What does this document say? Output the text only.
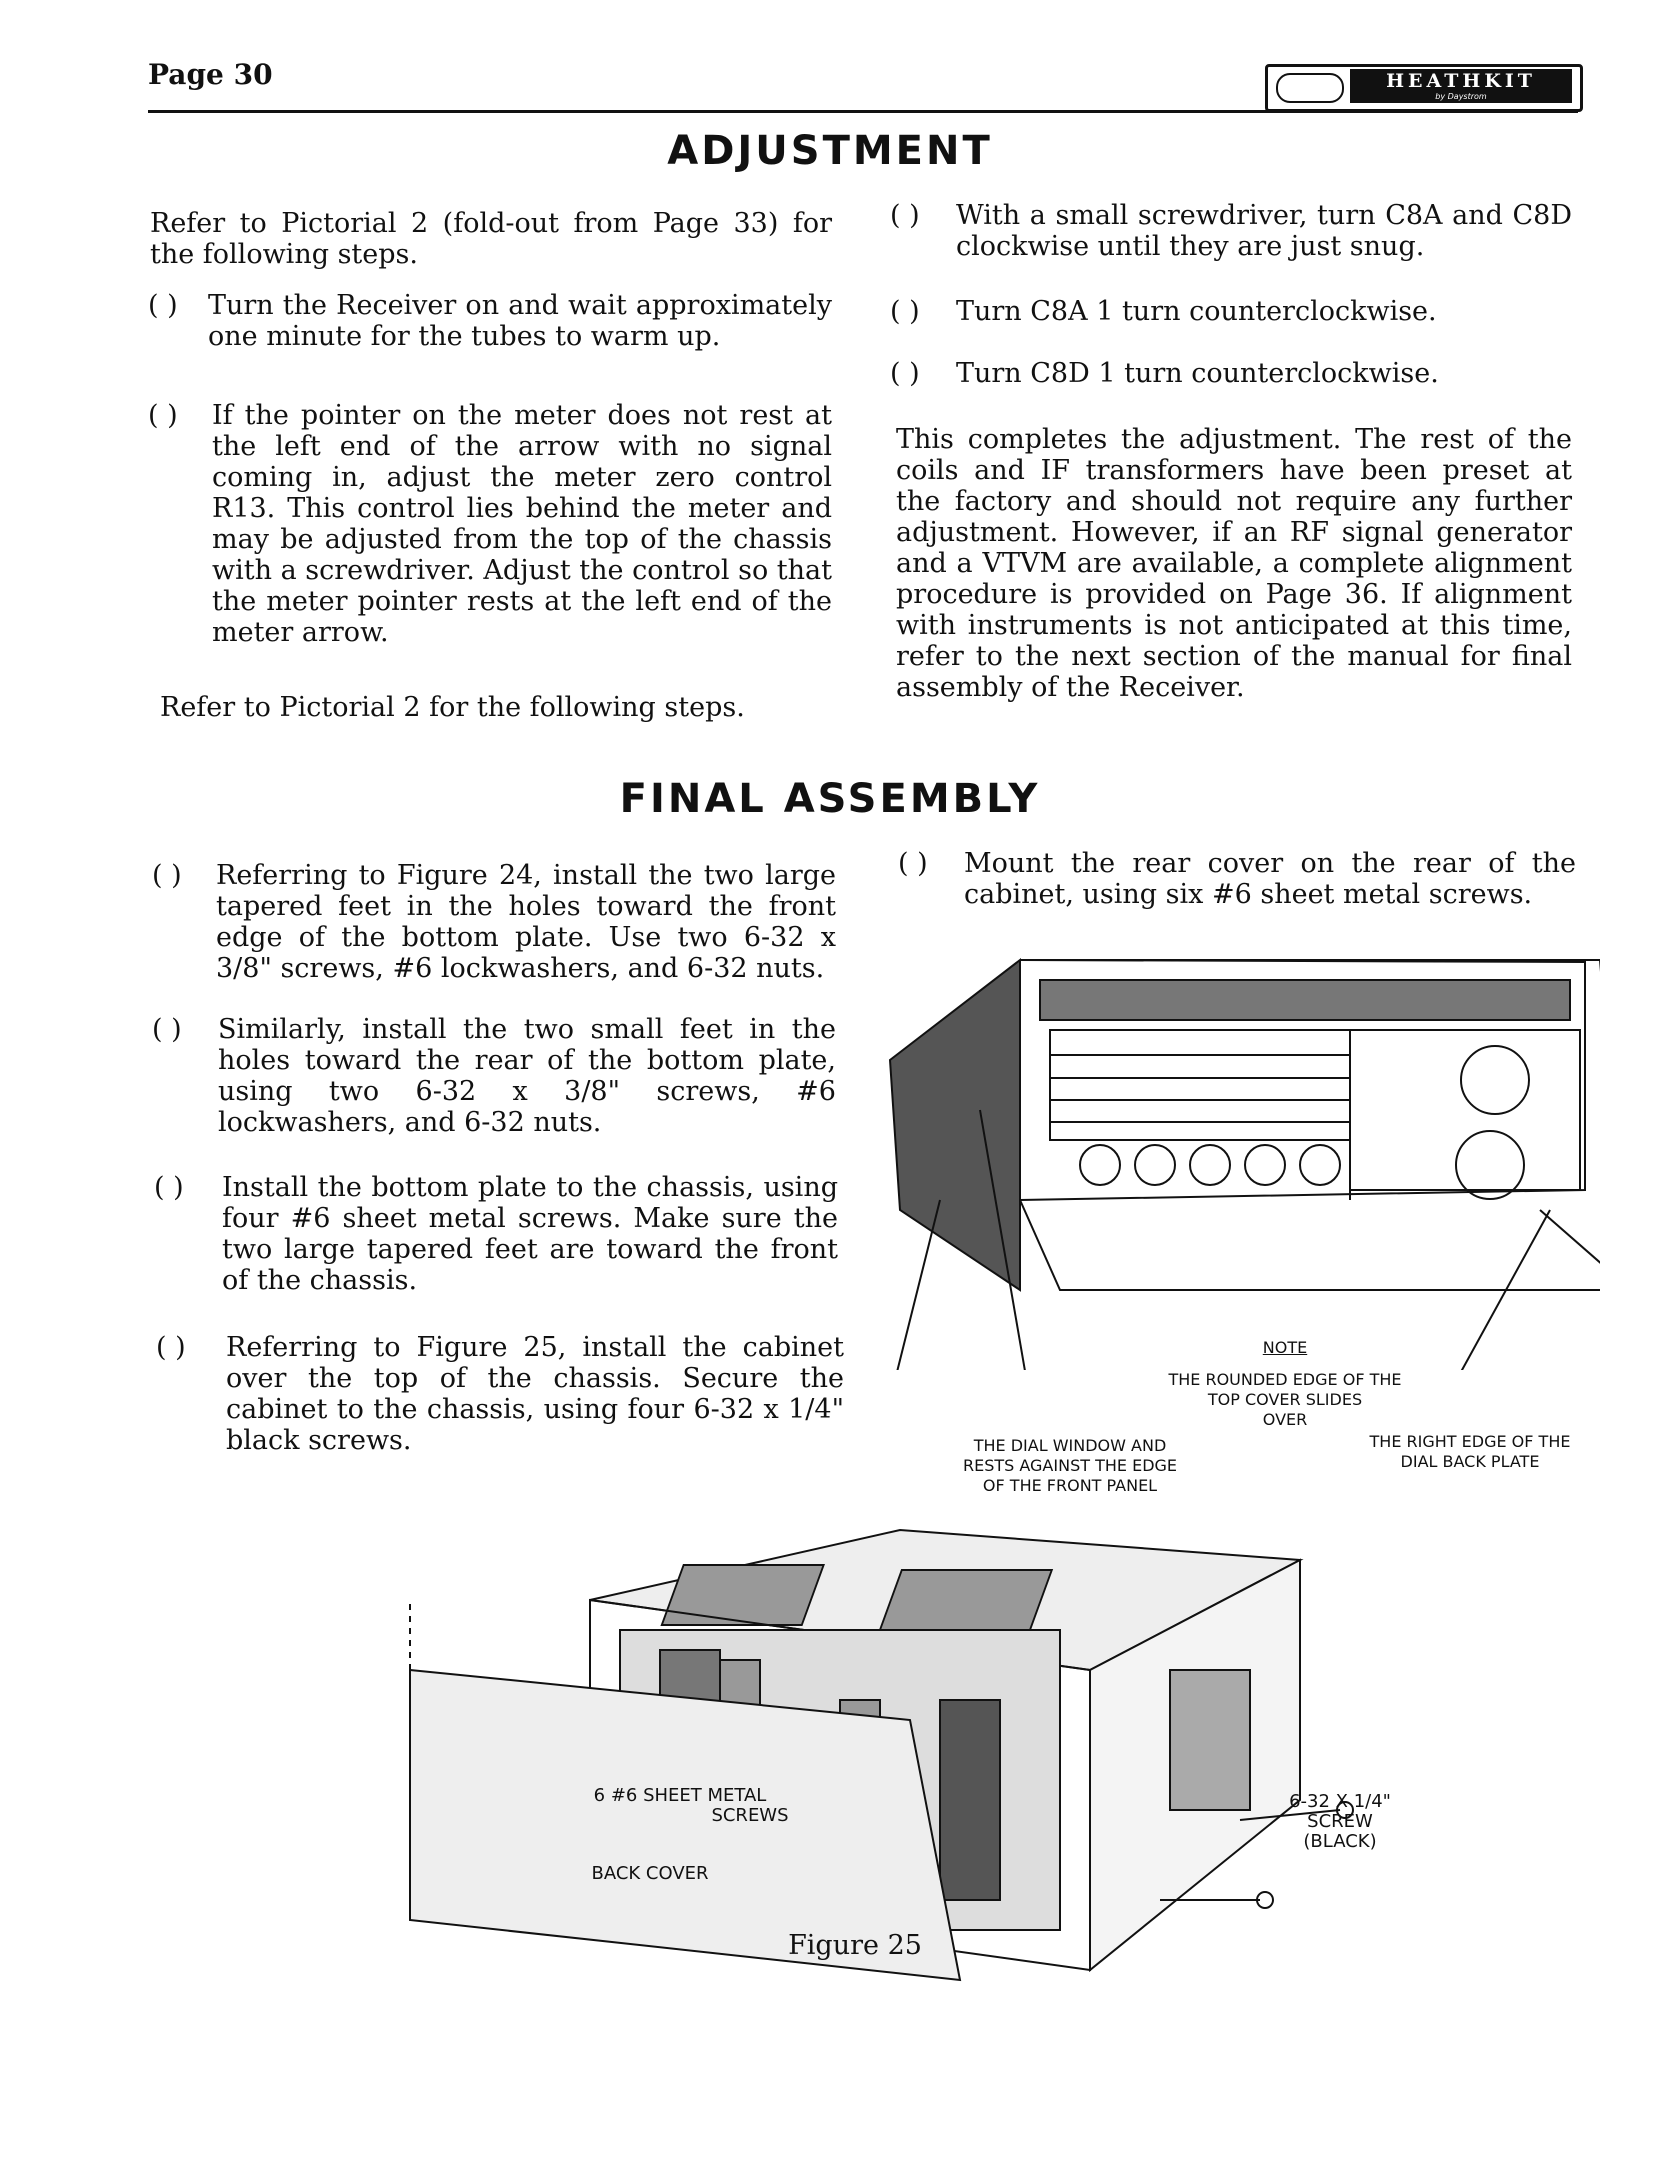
Page 30	HEATHKIT
by Daystrom
ADJUSTMENT
Refer to Pictorial 2 (fold-out from Page 33) for the following steps.
( ) Turn the Receiver on and wait approximately one minute for the tubes to warm up.
( ) If the pointer on the meter does not rest at the left end of the arrow with no signal coming in, adjust the meter zero control R13. This control lies behind the meter and may be adjusted from the top of the chassis with a screwdriver. Adjust the control so that the meter pointer rests at the left end of the meter arrow.
Refer to Pictorial 2 for the following steps.
( ) With a small screwdriver, turn C8A and C8D clockwise until they are just snug.
( ) Turn C8A 1 turn counterclockwise.
( ) Turn C8D 1 turn counterclockwise.
This completes the adjustment. The rest of the coils and IF transformers have been preset at the factory and should not require any further adjustment. However, if an RF signal generator and a VTVM are available, a complete alignment procedure is provided on Page 36. If alignment with instruments is not anticipated at this time, refer to the next section of the manual for final assembly of the Receiver.
FINAL ASSEMBLY
( ) Referring to Figure 24, install the two large tapered feet in the holes toward the front edge of the bottom plate. Use two 6-32 x 3/8" screws, #6 lockwashers, and 6-32 nuts.
( ) Similarly, install the two small feet in the holes toward the rear of the bottom plate, using two 6-32 x 3/8" screws, #6 lockwashers, and 6-32 nuts.
( ) Install the bottom plate to the chassis, using four #6 sheet metal screws. Make sure the two large tapered feet are toward the front of the chassis.
( ) Referring to Figure 25, install the cabinet over the top of the chassis. Secure the cabinet to the chassis, using four 6-32 x 1/4" black screws.
( ) Mount the rear cover on the rear of the cabinet, using six #6 sheet metal screws.
NOTE
THE ROUNDED EDGE OF THE
TOP COVER SLIDES
OVER
THE DIAL WINDOW AND
RESTS AGAINST THE EDGE
OF THE FRONT PANEL
THE RIGHT EDGE OF THE
DIAL BACK PLATE
6 #6 SHEET METAL
SCREWS
BACK COVER
6-32 X 1/4"
SCREW
(BLACK)
Figure 25
